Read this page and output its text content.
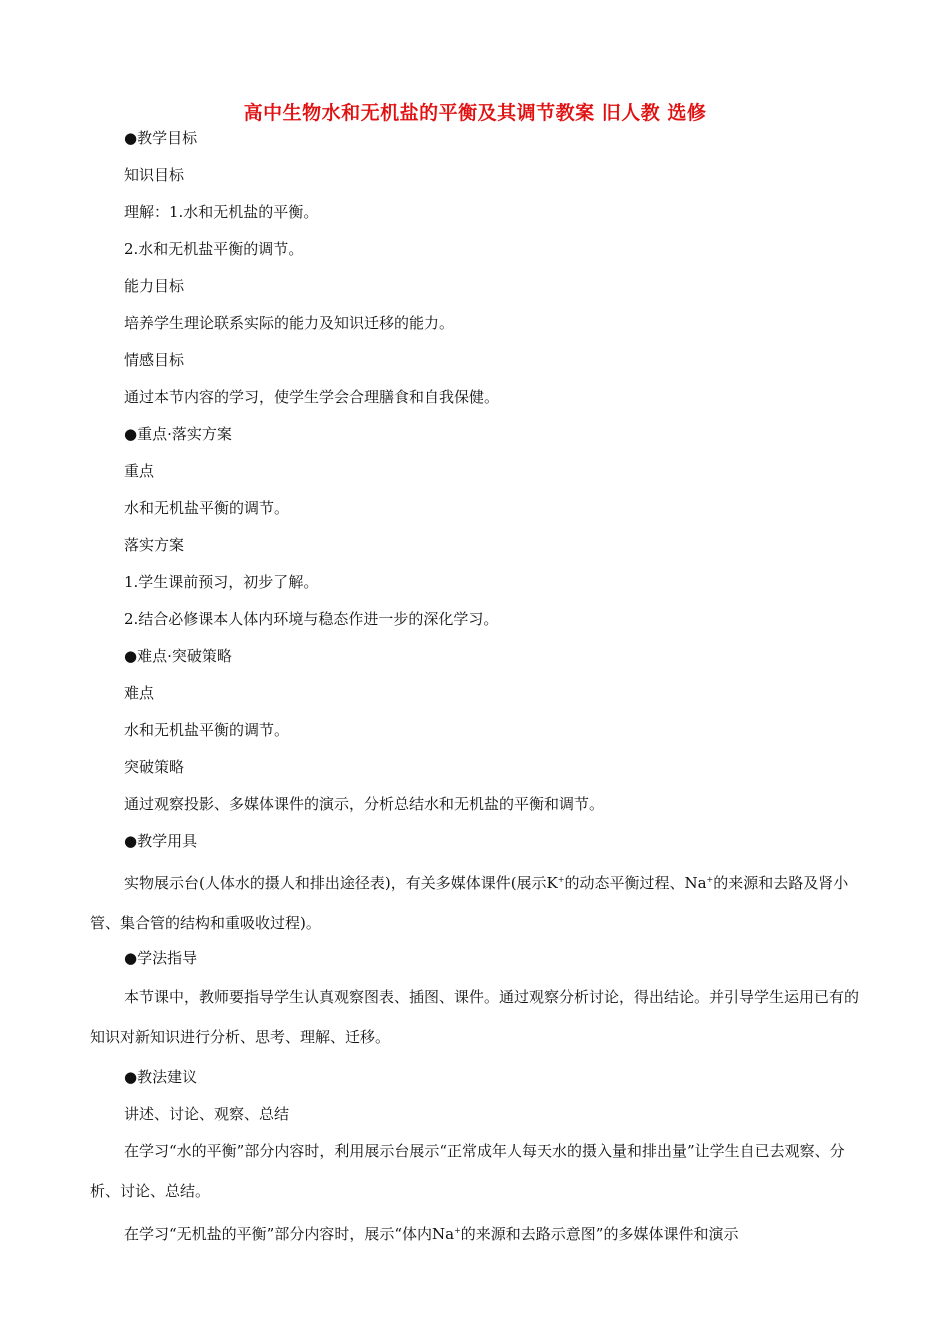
高中生物水和无机盐的平衡及其调节教案 旧人教 选修
●教学目标
知识目标
理解：1.水和无机盐的平衡。
2.水和无机盐平衡的调节。
能力目标
培养学生理论联系实际的能力及知识迁移的能力。
情感目标
通过本节内容的学习，使学生学会合理膳食和自我保健。
●重点·落实方案
重点
水和无机盐平衡的调节。
落实方案
1.学生课前预习，初步了解。
2.结合必修课本人体内环境与稳态作进一步的深化学习。
●难点·突破策略
难点
水和无机盐平衡的调节。
突破策略
通过观察投影、多媒体课件的演示，分析总结水和无机盐的平衡和调节。
●教学用具
实物展示台(人体水的摄人和排出途径表)，有关多媒体课件(展示K+的动态平衡过程、Na+的来源和去路及肾小管、集合管的结构和重吸收过程)。
●学法指导
本节课中，教师要指导学生认真观察图表、插图、课件。通过观察分析讨论，得出结论。并引导学生运用已有的知识对新知识进行分析、思考、理解、迁移。
●教法建议
讲述、讨论、观察、总结
在学习“水的平衡”部分内容时，利用展示台展示“正常成年人每天水的摄入量和排出量”让学生自已去观察、分析、讨论、总结。
在学习“无机盐的平衡”部分内容时，展示“体内Na+的来源和去路示意图”的多媒体课件和演示
